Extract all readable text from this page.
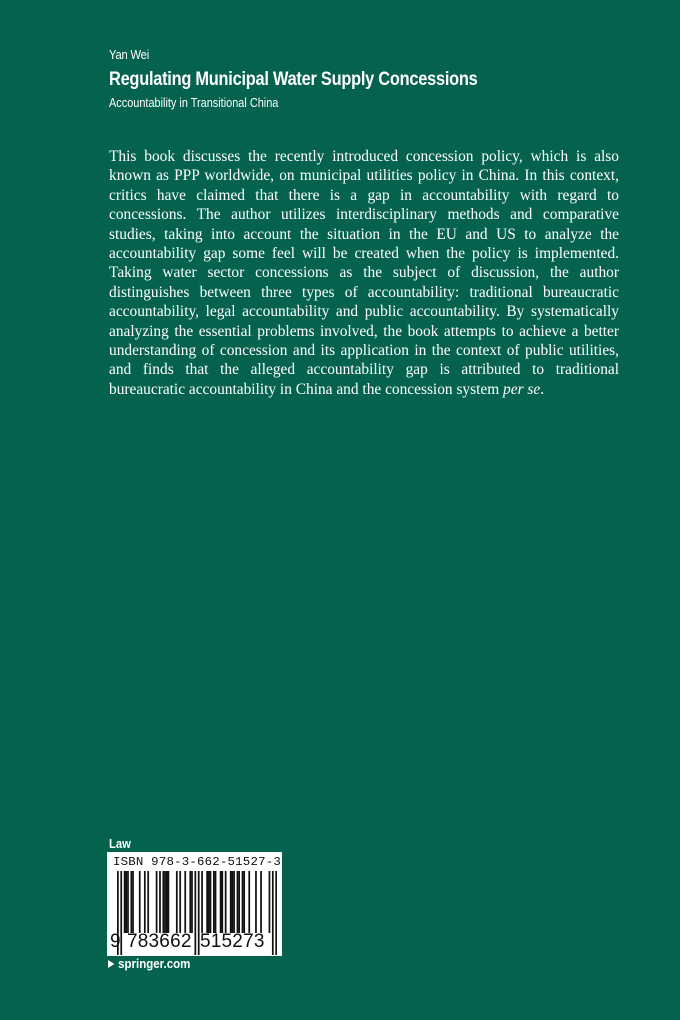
Yan Wei
Regulating Municipal Water Supply Concessions
Accountability in Transitional China

This book discusses the recently introduced concession policy, which is also known as PPP worldwide, on municipal utilities policy in China. In this context, critics have claimed that there is a gap in accountability with regard to concessions. The author utilizes interdisciplinary methods and comparative studies, taking into account the situation in the EU and US to analyze the accountability gap some feel will be created when the policy is implemented. Taking water sector concessions as the subject of discussion, the author distinguishes between three types of accountability: traditional bureaucratic accountability, legal accountability and public accountability. By systematically analyzing the essential problems involved, the book attempts to achieve a better understanding of concession and its application in the context of public utilities, and finds that the alleged accountability gap is attributed to traditional bureaucratic accountability in China and the concession system per se.

Law
ISBN 978-3-662-51527-3
9 783662 515273
springer.com
